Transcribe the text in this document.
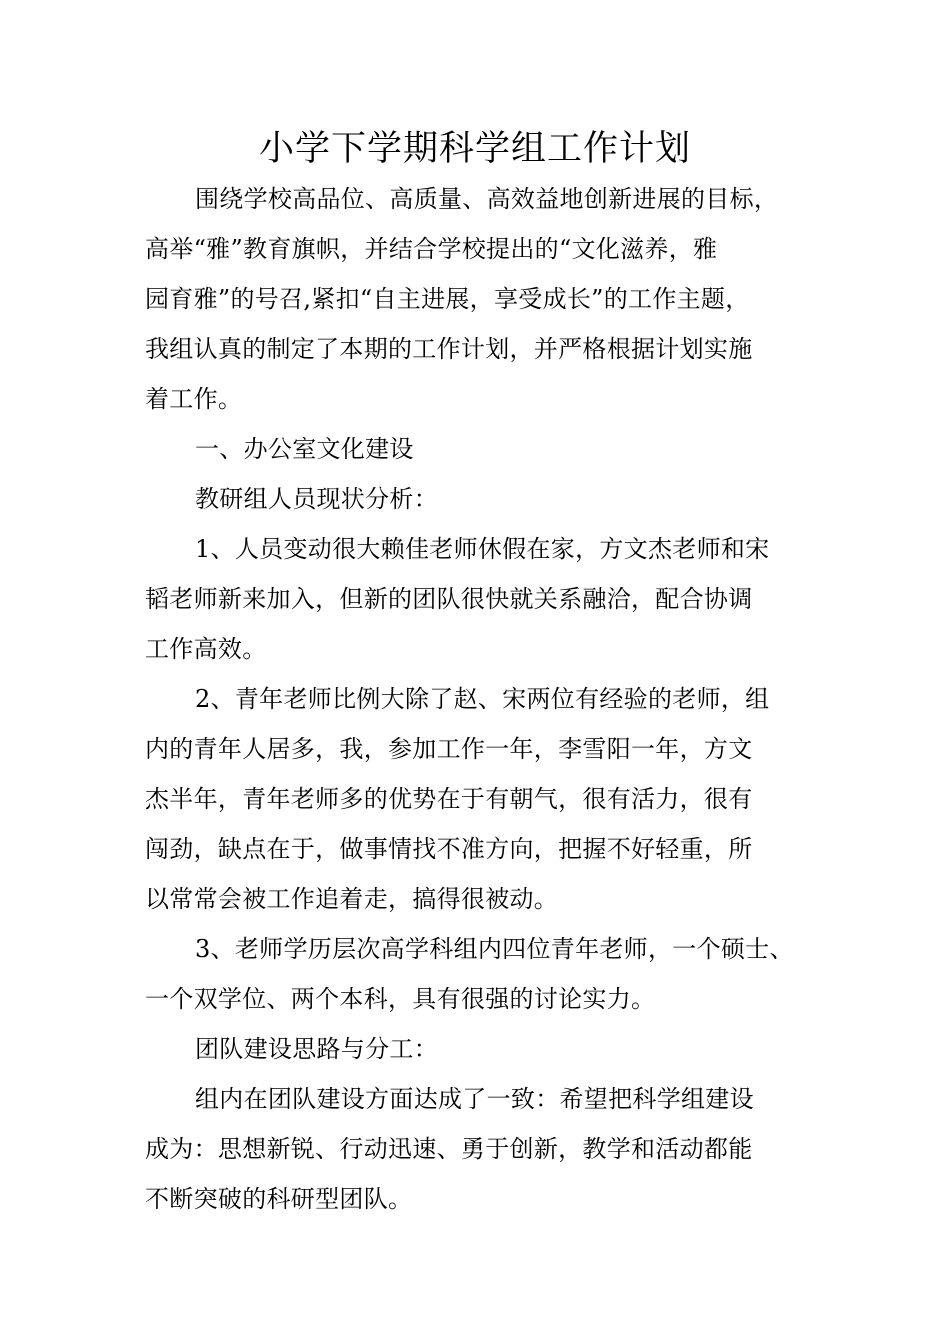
小学下学期科学组工作计划
围绕学校高品位、高质量、高效益地创新进展的目标，
高举“雅”教育旗帜，并结合学校提出的“文化滋养，雅
园育雅”的号召,紧扣“自主进展，享受成长”的工作主题，
我组认真的制定了本期的工作计划，并严格根据计划实施
着工作。
一、办公室文化建设
教研组人员现状分析：
1、人员变动很大赖佳老师休假在家，方文杰老师和宋
韬老师新来加入，但新的团队很快就关系融洽，配合协调
工作高效。
2、青年老师比例大除了赵、宋两位有经验的老师，组
内的青年人居多，我，参加工作一年，李雪阳一年，方文
杰半年，青年老师多的优势在于有朝气，很有活力，很有
闯劲，缺点在于，做事情找不准方向，把握不好轻重，所
以常常会被工作追着走，搞得很被动。
3、老师学历层次高学科组内四位青年老师，一个硕士、
一个双学位、两个本科，具有很强的讨论实力。
团队建设思路与分工：
组内在团队建设方面达成了一致：希望把科学组建设
成为：思想新锐、行动迅速、勇于创新，教学和活动都能
不断突破的科研型团队。
